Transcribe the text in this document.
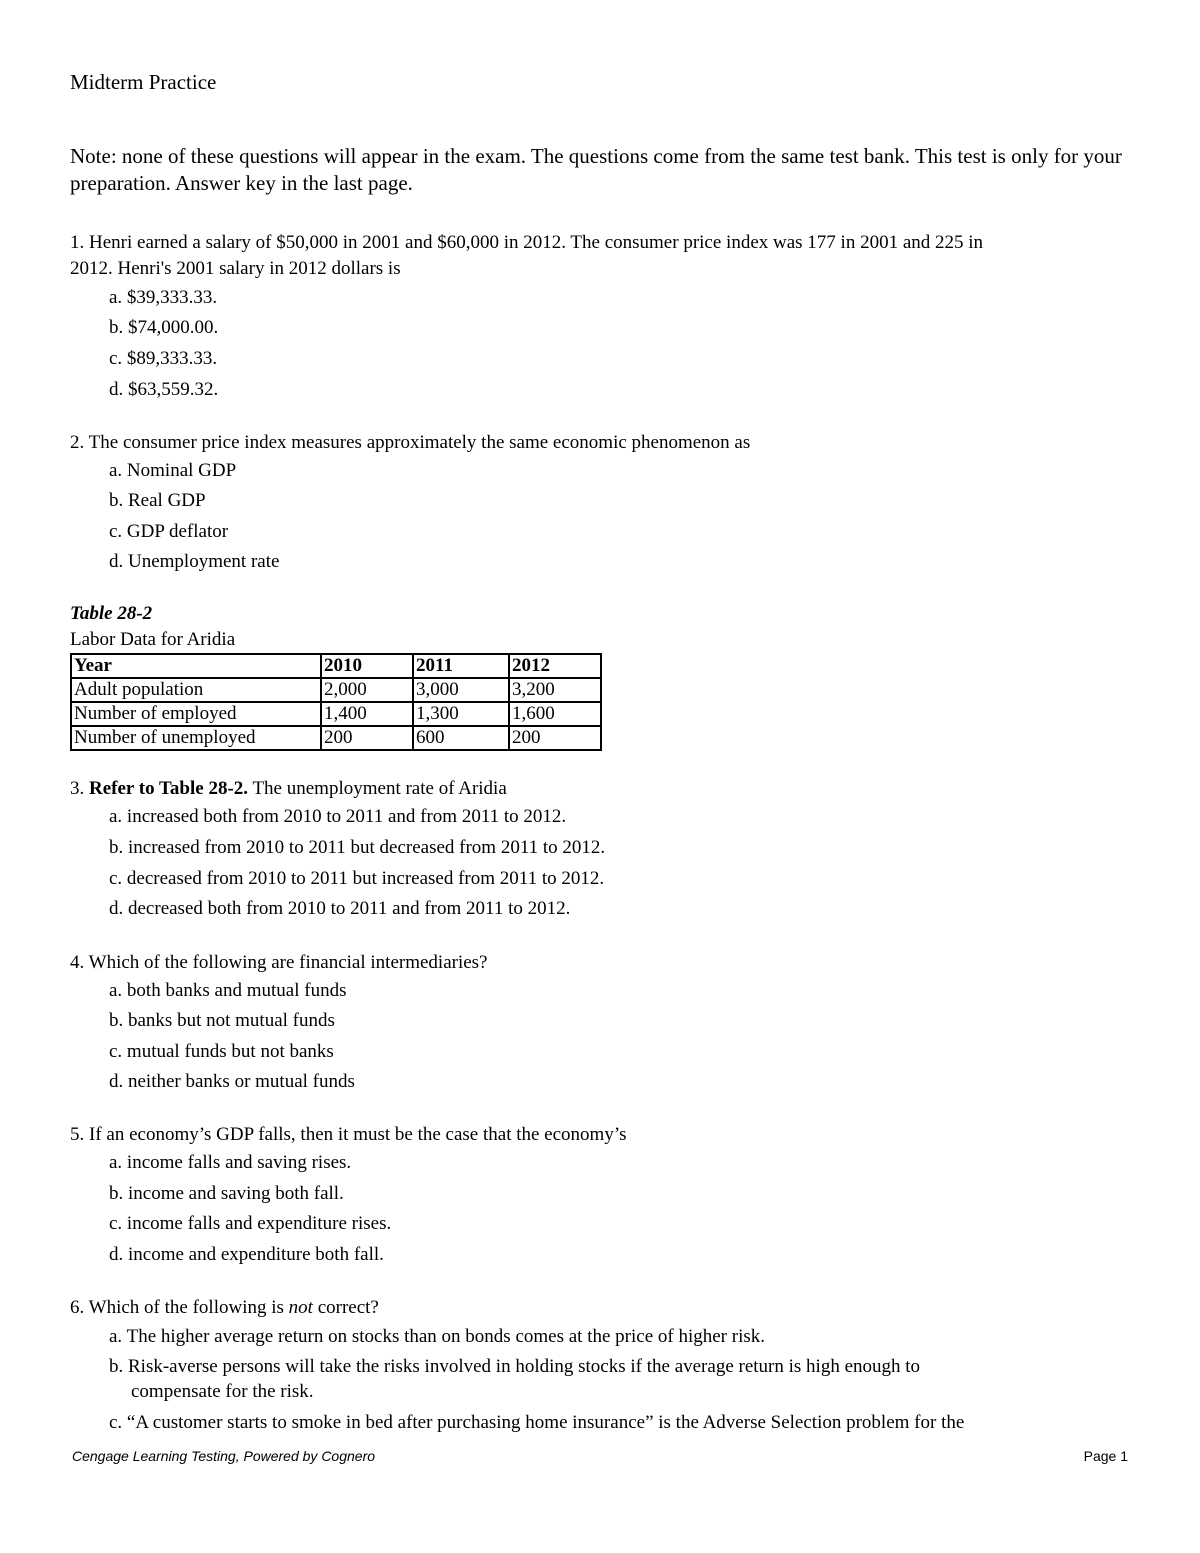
Midterm Practice
Note: none of these questions will appear in the exam. The questions come from the same test bank. This test is only for your preparation. Answer key in the last page.
1. Henri earned a salary of $50,000 in 2001 and $60,000 in 2012. The consumer price index was 177 in 2001 and 225 in
2012. Henri's 2001 salary in 2012 dollars is
a. $39,333.33.
b. $74,000.00.
c. $89,333.33.
d. $63,559.32.
2. The consumer price index measures approximately the same economic phenomenon as
a. Nominal GDP
b. Real GDP
c. GDP deflator
d. Unemployment rate
Table 28-2
Labor Data for Aridia
Year	2010	2011	2012
Adult population	2,000	3,000	3,200
Number of employed	1,400	1,300	1,600
Number of unemployed	200	600	200
3. Refer to Table 28-2. The unemployment rate of Aridia
a. increased both from 2010 to 2011 and from 2011 to 2012.
b. increased from 2010 to 2011 but decreased from 2011 to 2012.
c. decreased from 2010 to 2011 but increased from 2011 to 2012.
d. decreased both from 2010 to 2011 and from 2011 to 2012.
4. Which of the following are financial intermediaries?
a. both banks and mutual funds
b. banks but not mutual funds
c. mutual funds but not banks
d. neither banks or mutual funds
5. If an economy’s GDP falls, then it must be the case that the economy’s
a. income falls and saving rises.
b. income and saving both fall.
c. income falls and expenditure rises.
d. income and expenditure both fall.
6. Which of the following is not correct?
a. The higher average return on stocks than on bonds comes at the price of higher risk.
b. Risk-averse persons will take the risks involved in holding stocks if the average return is high enough to
compensate for the risk.
c. “A customer starts to smoke in bed after purchasing home insurance” is the Adverse Selection problem for the
Cengage Learning Testing, Powered by Cognero	Page 1
